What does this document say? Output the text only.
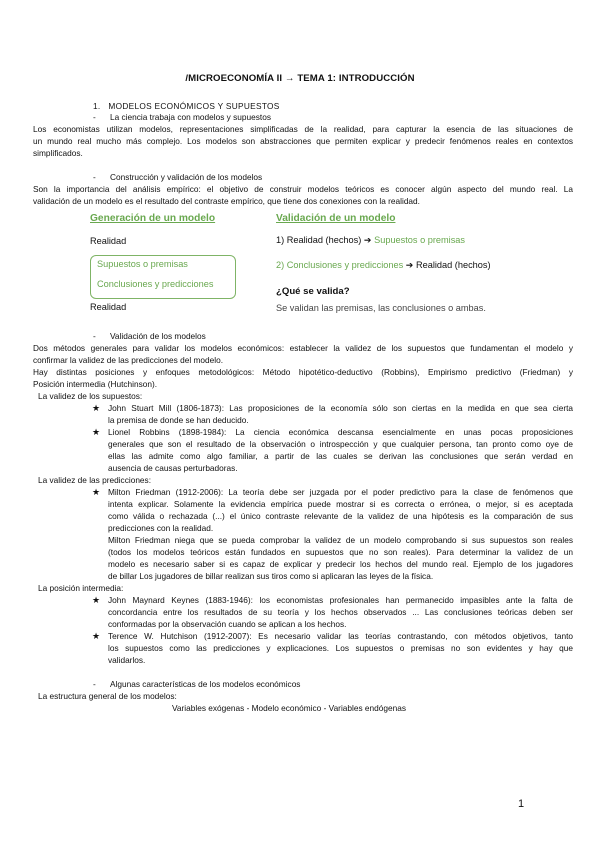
/MICROECONOMÍA II → TEMA 1: INTRODUCCIÓN
1. MODELOS ECONÓMICOS Y SUPUESTOS
- La ciencia trabaja con modelos y supuestos
Los economistas utilizan modelos, representaciones simplificadas de la realidad, para capturar la esencia de las situaciones de
un mundo real mucho más complejo. Los modelos son abstracciones que permiten explicar y predecir fenómenos reales en contextos
simplificados.
- Construcción y validación de los modelos
Son la importancia del análisis empírico: el objetivo de construir modelos teóricos es conocer algún aspecto del mundo real. La
validación de un modelo es el resultado del contraste empírico, que tiene dos conexiones con la realidad.
Generación de un modelo	Validación de un modelo
Realidad
Supuestos o premisas
Conclusiones y predicciones
Realidad
1) Realidad (hechos) ➔ Supuestos o premisas
2) Conclusiones y predicciones ➔ Realidad (hechos)
¿Qué se valida?
Se validan las premisas, las conclusiones o ambas.
- Validación de los modelos
Dos métodos generales para validar los modelos económicos: establecer la validez de los supuestos que fundamentan el modelo y
confirmar la validez de las predicciones del modelo.
Hay distintas posiciones y enfoques metodológicos: Método hipotético-deductivo (Robbins), Empirismo predictivo (Friedman) y
Posición intermedia (Hutchinson).
La validez de los supuestos:
★ John Stuart Mill (1806-1873): Las proposiciones de la economía sólo son ciertas en la medida en que sea cierta
la premisa de donde se han deducido.
★ Lionel Robbins (1898-1984): La ciencia económica descansa esencialmente en unas pocas proposiciones
generales que son el resultado de la observación o introspección y que cualquier persona, tan pronto como oye de
ellas las admite como algo familiar, a partir de las cuales se derivan las conclusiones que serán verdad en
ausencia de causas perturbadoras.
La validez de las predicciones:
★ Milton Friedman (1912-2006): La teoría debe ser juzgada por el poder predictivo para la clase de fenómenos que
intenta explicar. Solamente la evidencia empírica puede mostrar si es correcta o errónea, o mejor, si es aceptada
como válida o rechazada (...) el único contraste relevante de la validez de una hipótesis es la comparación de sus
predicciones con la realidad.
Milton Friedman niega que se pueda comprobar la validez de un modelo comprobando si sus supuestos son reales
(todos los modelos teóricos están fundados en supuestos que no son reales). Para determinar la validez de un
modelo es necesario saber si es capaz de explicar y predecir los hechos del mundo real. Ejemplo de los jugadores
de billar Los jugadores de billar realizan sus tiros como si aplicaran las leyes de la física.
La posición intermedia:
★ John Maynard Keynes (1883-1946): los economistas profesionales han permanecido impasibles ante la falta de
concordancia entre los resultados de su teoría y los hechos observados ... Las conclusiones teóricas deben ser
conformadas por la observación cuando se aplican a los hechos.
★ Terence W. Hutchison (1912-2007): Es necesario validar las teorías contrastando, con métodos objetivos, tanto
los supuestos como las predicciones y explicaciones. Los supuestos o premisas no son evidentes y hay que
validarlos.
- Algunas características de los modelos económicos
La estructura general de los modelos:
Variables exógenas - Modelo económico - Variables endógenas
1
